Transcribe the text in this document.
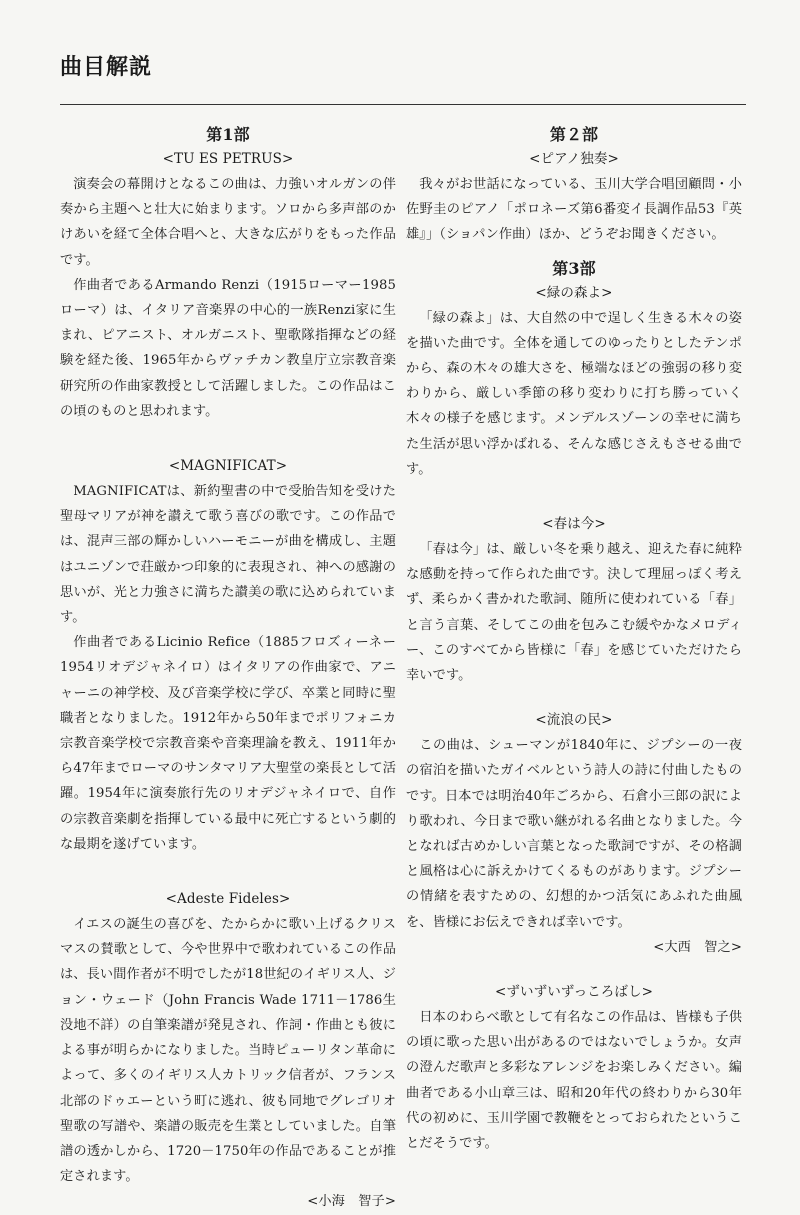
曲目解説
第1部

<TU ES PETRUS>

演奏会の幕開けとなるこの曲は、力強いオルガンの伴奏から主題へと壮大に始まります。ソロから多声部のかけあいを経て全体合唱へと、大きな広がりをもった作品です。

作曲者であるArmando Renzi（1915ローマー1985ローマ）は、イタリア音楽界の中心的一族Renzi家に生まれ、ピアニスト、オルガニスト、聖歌隊指揮などの経験を経た後、1965年からヴァチカン教皇庁立宗教音楽研究所の作曲家教授として活躍しました。この作品はこの頃のものと思われます。

<MAGNIFICAT>

MAGNIFICATは、新約聖書の中で受胎告知を受けた聖母マリアが神を讃えて歌う喜びの歌です。この作品では、混声三部の輝かしいハーモニーが曲を構成し、主題はユニゾンで荘厳かつ印象的に表現され、神への感謝の思いが、光と力強さに満ちた讃美の歌に込められています。

作曲者であるLicinio Refice（1885フロズィーネー1954リオデジャネイロ）はイタリアの作曲家で、アニャーニの神学校、及び音楽学校に学び、卒業と同時に聖職者となりました。1912年から50年までポリフォニカ宗教音楽学校で宗教音楽や音楽理論を教え、1911年から47年までローマのサンタマリア大聖堂の楽長として活躍。1954年に演奏旅行先のリオデジャネイロで、自作の宗教音楽劇を指揮している最中に死亡するという劇的な最期を遂げています。

<Adeste Fideles>

イエスの誕生の喜びを、たからかに歌い上げるクリスマスの賛歌として、今や世界中で歌われているこの作品は、長い間作者が不明でしたが18世紀のイギリス人、ジョン・ウェード（John Francis Wade 1711－1786生没地不詳）の自筆楽譜が発見され、作詞・作曲とも彼による事が明らかになりました。当時ピューリタン革命によって、多くのイギリス人カトリック信者が、フランス北部のドゥエーという町に逃れ、彼も同地でグレゴリオ聖歌の写譜や、楽譜の販売を生業としていました。自筆譜の透かしから、1720－1750年の作品であることが推定されます。

<小海　智子>

第２部

<ピアノ独奏>

我々がお世話になっている、玉川大学合唱団顧問・小佐野圭のピアノ「ポロネーズ第6番変イ長調作品53『英雄』」（ショパン作曲）ほか、どうぞお聞きください。

第3部

<緑の森よ>

「緑の森よ」は、大自然の中で逞しく生きる木々の姿を描いた曲です。全体を通してのゆったりとしたテンポから、森の木々の雄大さを、極端なほどの強弱の移り変わりから、厳しい季節の移り変わりに打ち勝っていく木々の様子を感じます。メンデルスゾーンの幸せに満ちた生活が思い浮かばれる、そんな感じさえもさせる曲です。

<春は今>

「春は今」は、厳しい冬を乗り越え、迎えた春に純粋な感動を持って作られた曲です。決して理屈っぽく考えず、柔らかく書かれた歌詞、随所に使われている「春」と言う言葉、そしてこの曲を包みこむ緩やかなメロディー、このすべてから皆様に「春」を感じていただけたら幸いです。

<流浪の民>

この曲は、シューマンが1840年に、ジプシーの一夜の宿泊を描いたガイベルという詩人の詩に付曲したものです。日本では明治40年ごろから、石倉小三郎の訳により歌われ、今日まで歌い継がれる名曲となりました。今となれば古めかしい言葉となった歌詞ですが、その格調と風格は心に訴えかけてくるものがあります。ジプシーの情緒を表すための、幻想的かつ活気にあふれた曲風を、皆様にお伝えできれば幸いです。

<大西　智之>

<ずいずいずっころばし>

日本のわらべ歌として有名なこの作品は、皆様も子供の頃に歌った思い出があるのではないでしょうか。女声の澄んだ歌声と多彩なアレンジをお楽しみください。編曲者である小山章三は、昭和20年代の終わりから30年代の初めに、玉川学園で教鞭をとっておられたということだそうです。
